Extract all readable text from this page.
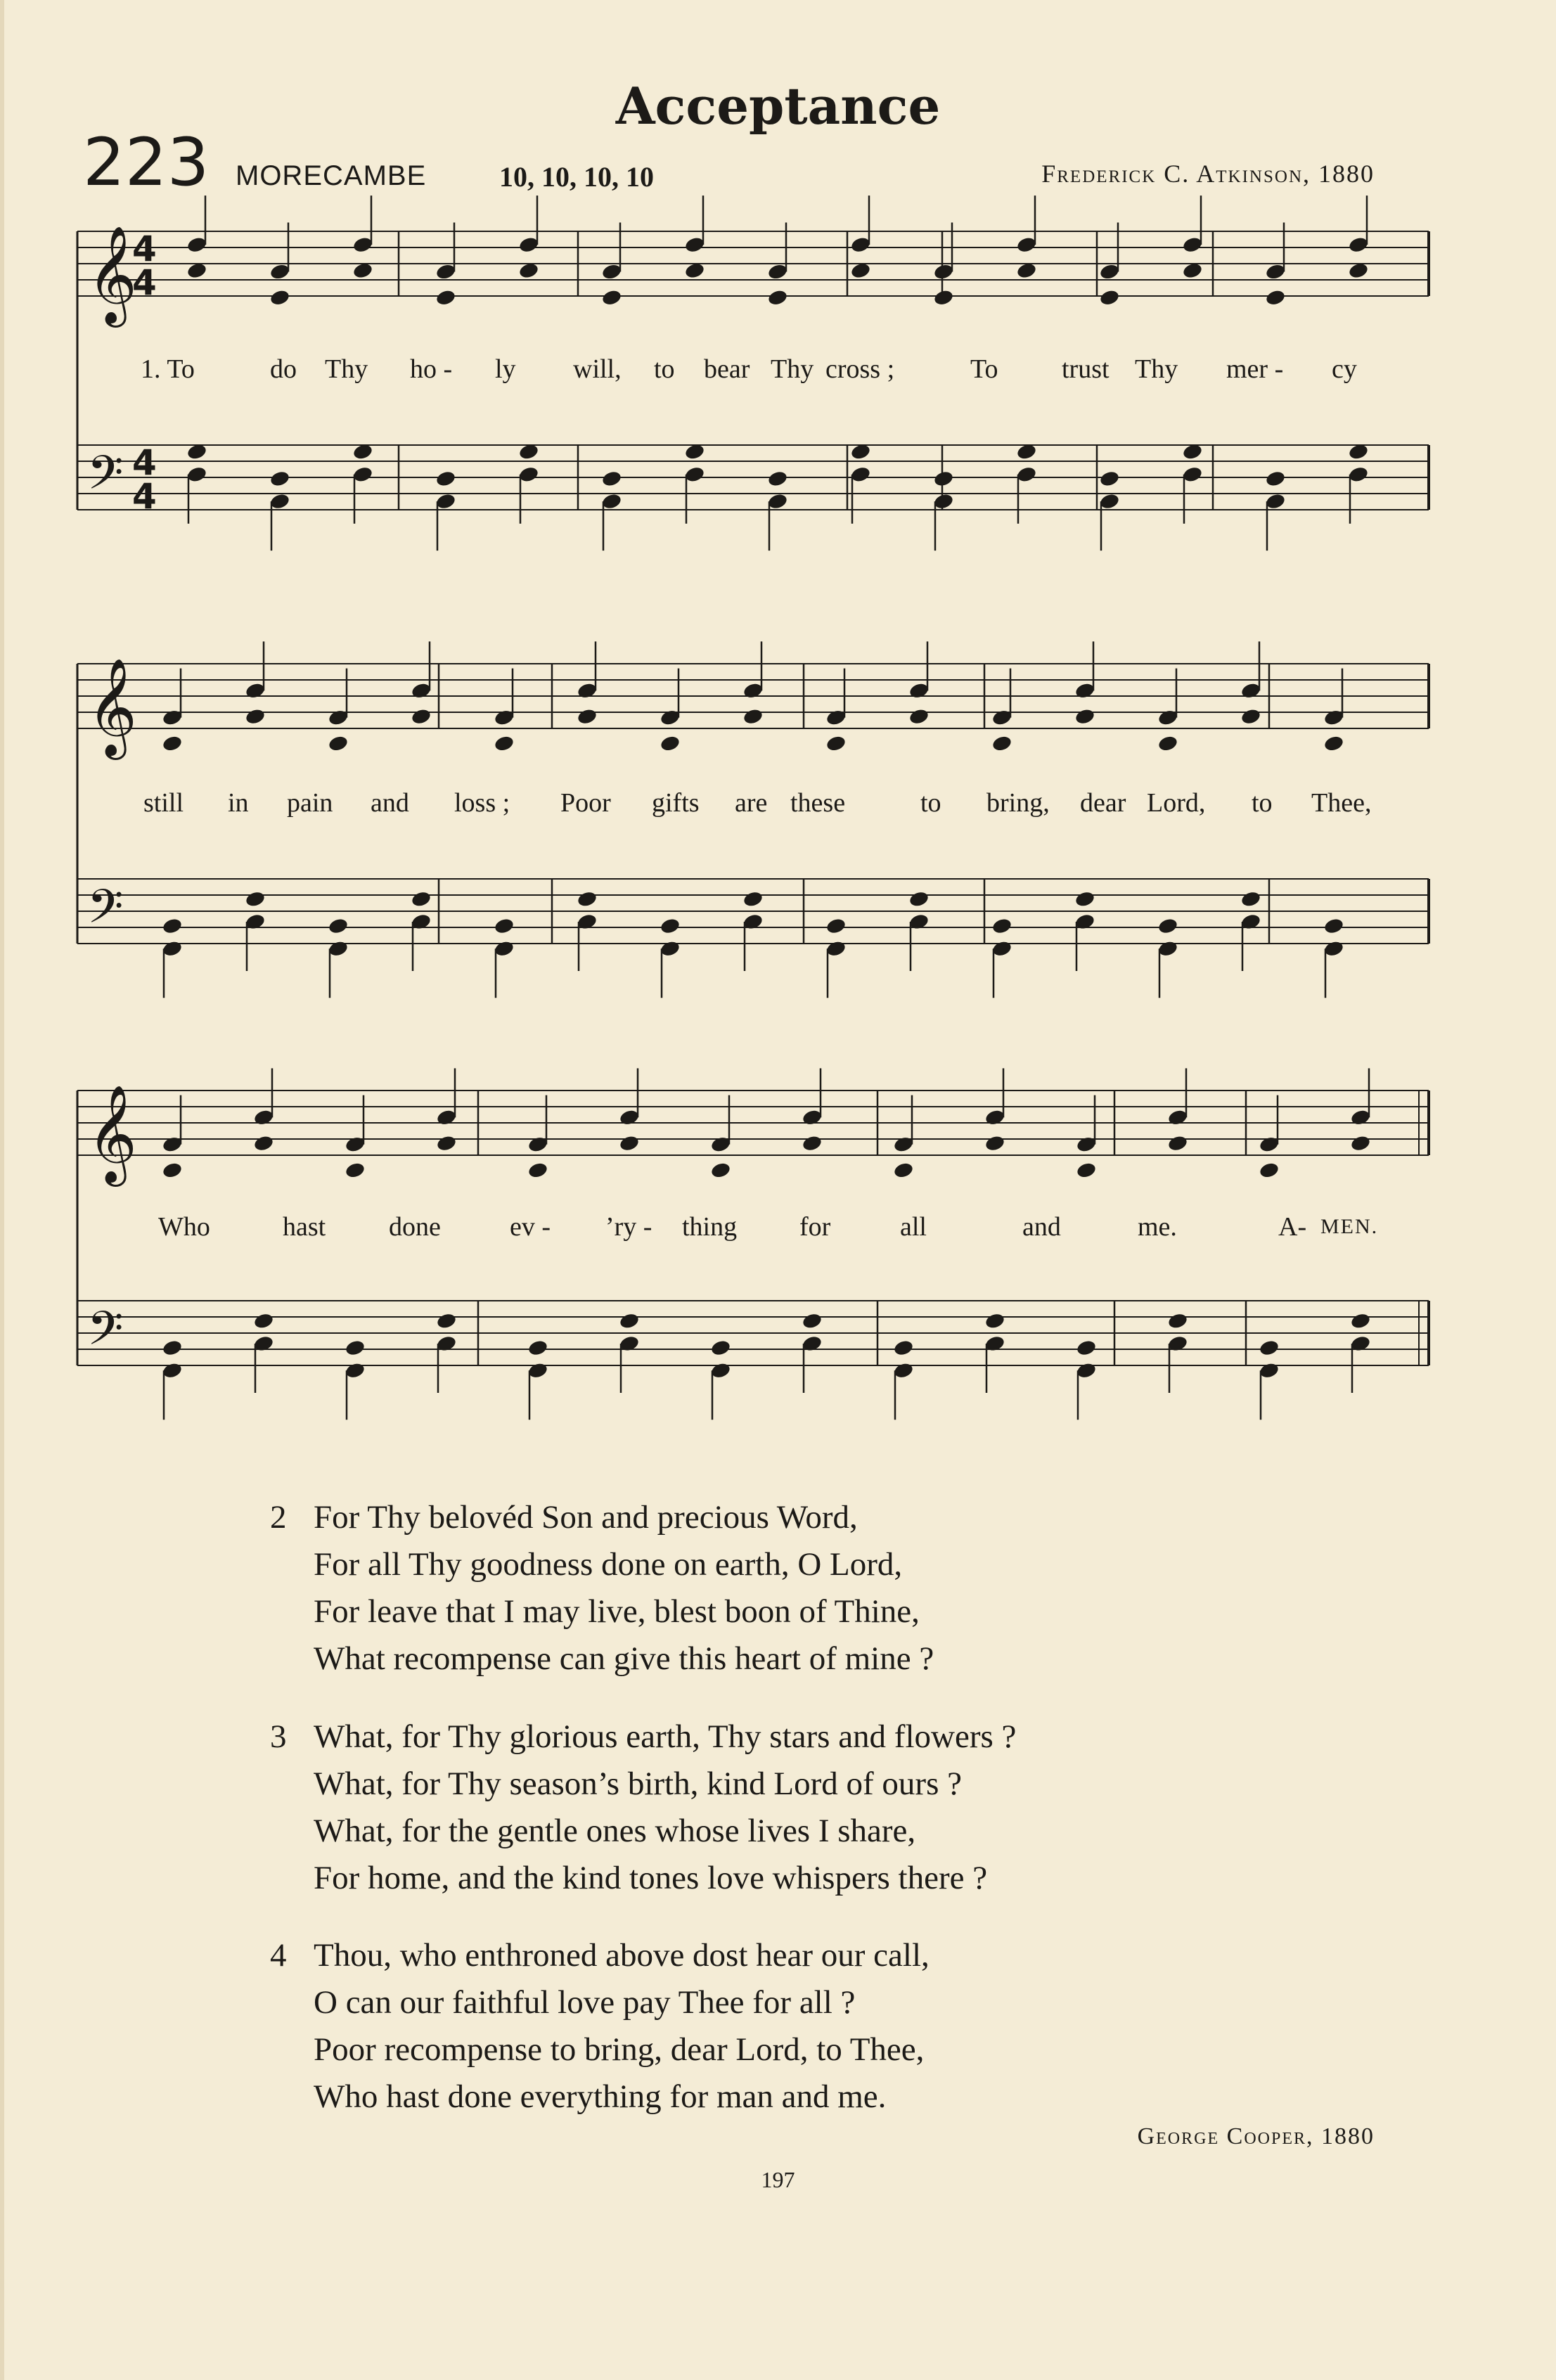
Acceptance
223 MORECAMBE	10, 10, 10, 10	Frederick C. Atkinson, 1880
𝄞
𝄢
4
4
4
4
𝄞
𝄢
𝄞
𝄢
1. To	do Thy ho - ly will, to bear Thy cross ;	To trust Thy mer - cy
still in pain and loss ; Poor gifts are these	to bring, dear Lord, to Thee,
Who	hast done	ev - ’ry - thing for	all	and	me.	A- MEN.
2 For Thy belovéd Son and precious Word,
For all Thy goodness done on earth, O Lord,
For leave that I may live, blest boon of Thine,
What recompense can give this heart of mine ?
3 What, for Thy glorious earth, Thy stars and flowers ?
What, for Thy season’s birth, kind Lord of ours ?
What, for the gentle ones whose lives I share,
For home, and the kind tones love whispers there ?
4 Thou, who enthroned above dost hear our call,
O can our faithful love pay Thee for all ?
Poor recompense to bring, dear Lord, to Thee,
Who hast done everything for man and me.
George Cooper, 1880
197
